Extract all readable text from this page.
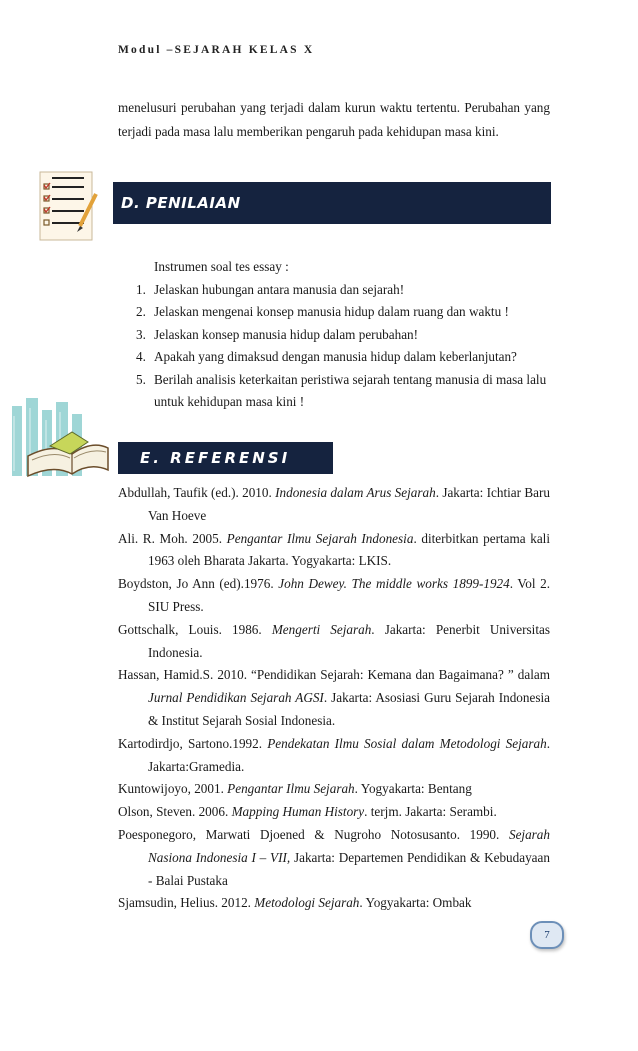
Modul –SEJARAH KELAS X
menelusuri perubahan yang terjadi dalam kurun waktu tertentu. Perubahan yang terjadi pada masa lalu memberikan pengaruh pada kehidupan masa kini.
D. PENILAIAN
Instrumen soal tes essay :
1. Jelaskan hubungan antara manusia dan sejarah!
2. Jelaskan mengenai konsep manusia hidup dalam ruang dan waktu !
3. Jelaskan konsep manusia hidup dalam perubahan!
4. Apakah yang dimaksud dengan manusia hidup dalam keberlanjutan?
5. Berilah analisis keterkaitan peristiwa sejarah tentang manusia di masa lalu untuk kehidupan masa kini !
E. REFERENSI
Abdullah, Taufik (ed.). 2010. Indonesia dalam Arus Sejarah. Jakarta: Ichtiar Baru Van Hoeve
Ali. R. Moh. 2005. Pengantar Ilmu Sejarah Indonesia. diterbitkan pertama kali 1963 oleh Bharata Jakarta. Yogyakarta: LKIS.
Boydston, Jo Ann (ed).1976. John Dewey. The middle works 1899-1924. Vol 2. SIU Press.
Gottschalk, Louis. 1986. Mengerti Sejarah. Jakarta: Penerbit Universitas Indonesia.
Hassan, Hamid.S. 2010. “Pendidikan Sejarah: Kemana dan Bagaimana? ” dalam Jurnal Pendidikan Sejarah AGSI. Jakarta: Asosiasi Guru Sejarah Indonesia & Institut Sejarah Sosial Indonesia.
Kartodirdjo, Sartono.1992. Pendekatan Ilmu Sosial dalam Metodologi Sejarah. Jakarta:Gramedia.
Kuntowijoyo, 2001. Pengantar Ilmu Sejarah. Yogyakarta: Bentang
Olson, Steven. 2006. Mapping Human History. terjm. Jakarta: Serambi.
Poesponegoro, Marwati Djoened & Nugroho Notosusanto. 1990. Sejarah Nasiona Indonesia I – VII, Jakarta: Departemen Pendidikan & Kebudayaan - Balai Pustaka
Sjamsudin, Helius. 2012. Metodologi Sejarah. Yogyakarta: Ombak
7
